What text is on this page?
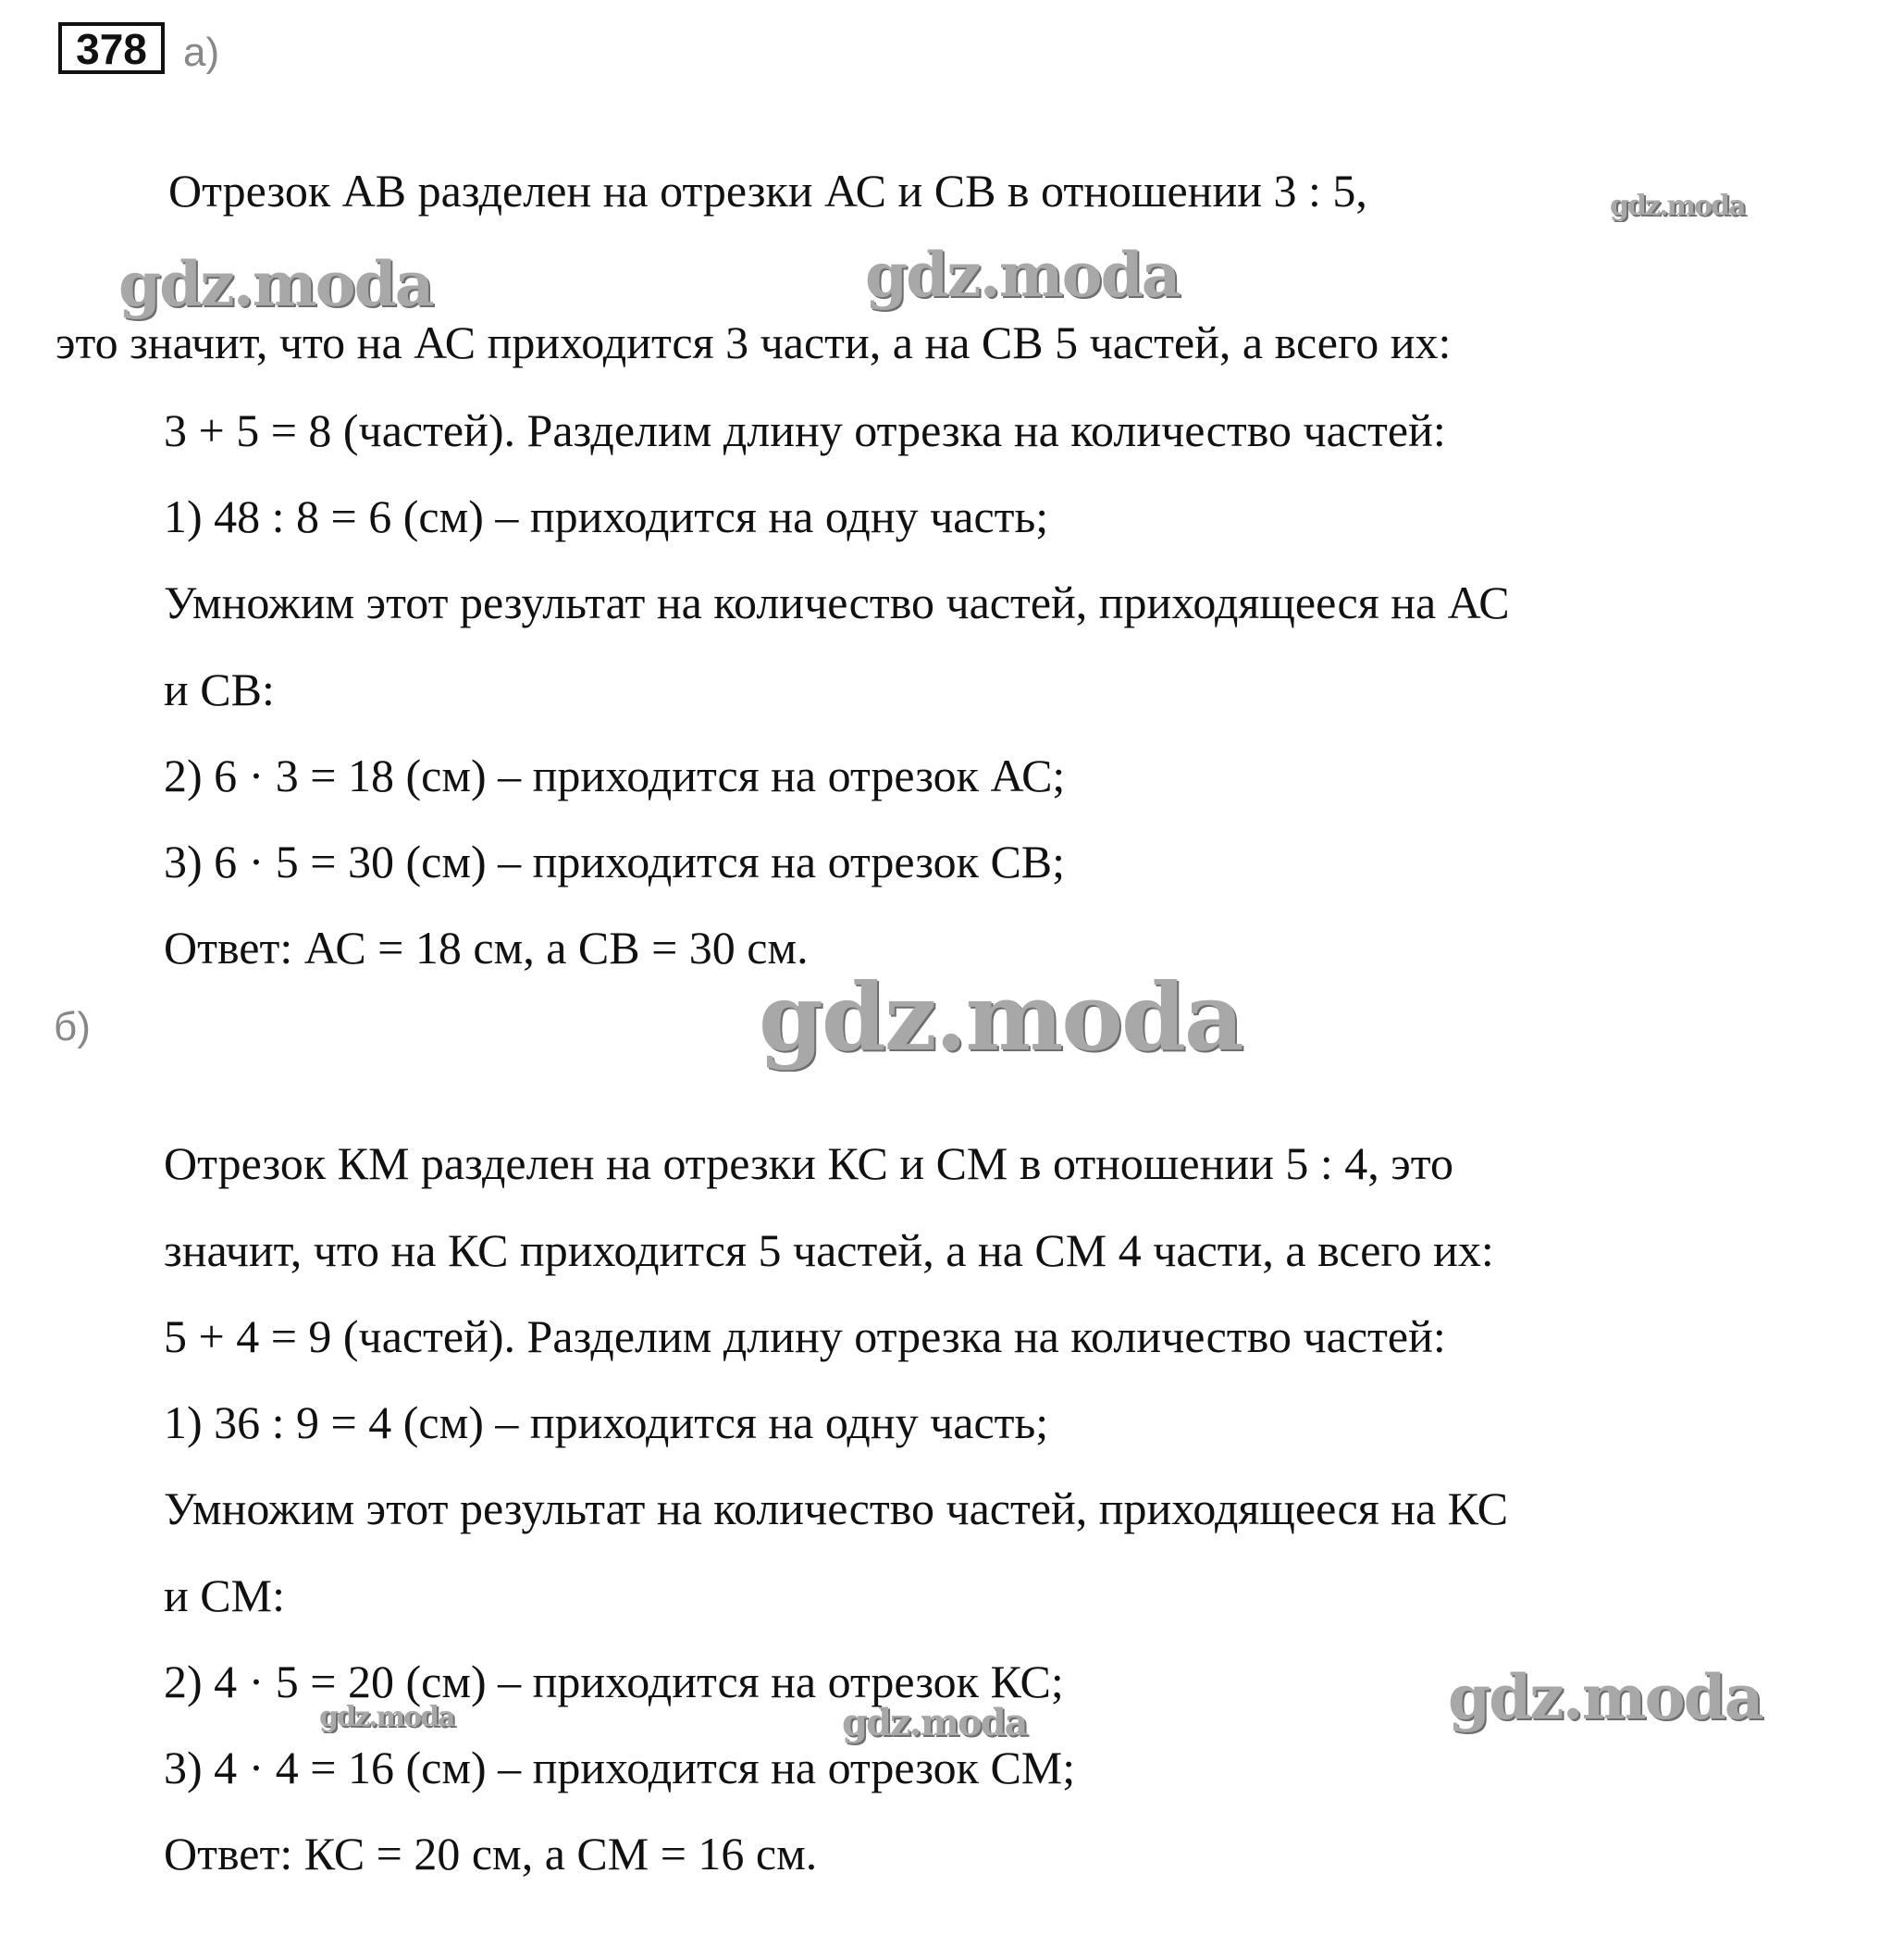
378 а)
Отрезок АВ разделен на отрезки АС и СВ в отношении 3 : 5,
это значит, что на АС приходится 3 части, а на СВ 5 частей, а всего их:
3 + 5 = 8 (частей). Разделим длину отрезка на количество частей:
1) 48 : 8 = 6 (см) – приходится на одну часть;
Умножим этот результат на количество частей, приходящееся на АС
и СВ:
2) 6 · 3 = 18 (см) – приходится на отрезок АС;
3) 6 · 5 = 30 (см) – приходится на отрезок СВ;
Ответ: АС = 18 см, а СВ = 30 см.
б)
Отрезок КМ разделен на отрезки КС и СМ в отношении 5 : 4, это
значит, что на КС приходится 5 частей, а на СМ 4 части, а всего их:
5 + 4 = 9 (частей). Разделим длину отрезка на количество частей:
1) 36 : 9 = 4 (см) – приходится на одну часть;
Умножим этот результат на количество частей, приходящееся на КС
и СМ:
2) 4 · 5 = 20 (см) – приходится на отрезок КС;
3) 4 · 4 = 16 (см) – приходится на отрезок СМ;
Ответ: КС = 20 см, а СМ = 16 см.
gdz.moda
gdz.moda	gdz.moda
gdz.moda
gdz.moda
gdz.moda	gdz.moda
